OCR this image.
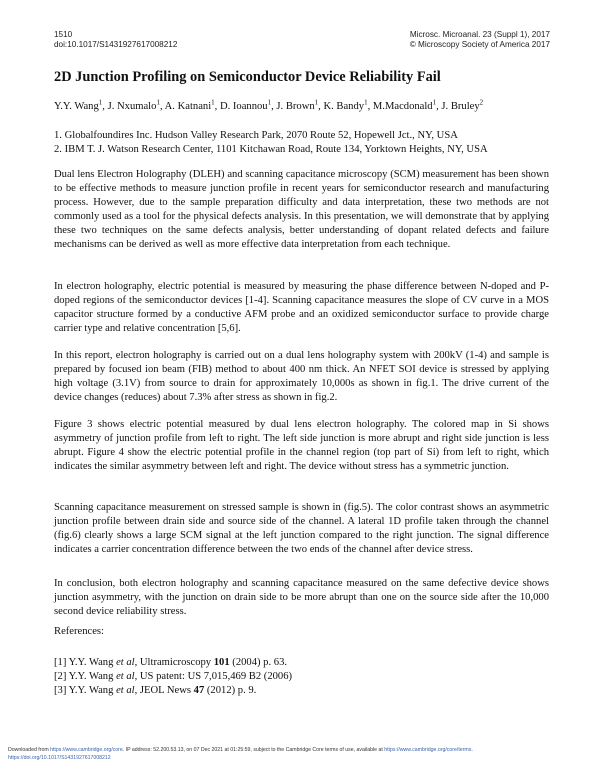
1510
doi:10.1017/S1431927617008212
Microsc. Microanal. 23 (Suppl 1), 2017
© Microscopy Society of America 2017
2D Junction Profiling on Semiconductor Device Reliability Fail
Y.Y. Wang$^1$, J. Nxumalo$^1$, A. Katnani$^1$, D. Ioannou$^1$, J. Brown$^1$, K. Bandy$^1$, M.Macdonald$^1$, J. Bruley$^2$
1. Globalfoundires Inc. Hudson Valley Research Park, 2070 Route 52, Hopewell Jct., NY, USA
2. IBM T. J. Watson Research Center, 1101 Kitchawan Road, Route 134, Yorktown Heights, NY, USA

Dual lens Electron Holography (DLEH) and scanning capacitance microscopy (SCM) measurement has been shown to be effective methods to measure junction profile in recent years for semiconductor research and manufacturing process. However, due to the sample preparation difficulty and data interpretation, these two methods are not commonly used as a tool for the physical defects analysis. In this presentation, we will demonstrate that by applying these two techniques on the same defects analysis, better understanding of dopant related defects and failure mechanisms can be derived as well as more effective data interpretation from each technique.

In electron holography, electric potential is measured by measuring the phase difference between N-doped and P-doped regions of the semiconductor devices [1-4]. Scanning capacitance measures the slope of CV curve in a MOS capacitor structure formed by a conductive AFM probe and an oxidized semiconductor surface to provide charge carrier type and relative concentration [5,6].

In this report, electron holography is carried out on a dual lens holography system with 200kV (1-4) and sample is prepared by focused ion beam (FIB) method to about 400 nm thick. An NFET SOI device is stressed by applying high voltage (3.1V) from source to drain for approximately 10,000s as shown in fig.1. The drive current of the device changes (reduces) about 7.3% after stress as shown in fig.2.

Figure 3 shows electric potential measured by dual lens electron holography. The colored map in Si shows asymmetry of junction profile from left to right. The left side junction is more abrupt and right side junction is less abrupt. Figure 4 show the electric potential profile in the channel region (top part of Si) from left to right, which indicates the similar asymmetry between left and right. The device without stress has a symmetric junction.

Scanning capacitance measurement on stressed sample is shown in (fig.5). The color contrast shows an asymmetric junction profile between drain side and source side of the channel. A lateral 1D profile taken through the channel (fig.6) clearly shows a large SCM signal at the left junction compared to the right junction. The signal difference indicates a carrier concentration difference between the two ends of the channel after device stress.

In conclusion, both electron holography and scanning capacitance measured on the same defective device shows junction asymmetry, with the junction on drain side to be more abrupt than one on the source side after the 10,000 second device reliability stress.

References:
[1] Y.Y. Wang et al, Ultramicroscopy 101 (2004) p. 63.
[2] Y.Y. Wang et al, US patent: US 7,015,469 B2 (2006)
[3] Y.Y. Wang et al, JEOL News 47 (2012) p. 9.
Downloaded from https://www.cambridge.org/core. IP address: 52.200.53.13, on 07 Dec 2021 at 01:25:59, subject to the Cambridge Core terms of use, available at https://www.cambridge.org/core/terms.
https://doi.org/10.1017/S1431927617008212
